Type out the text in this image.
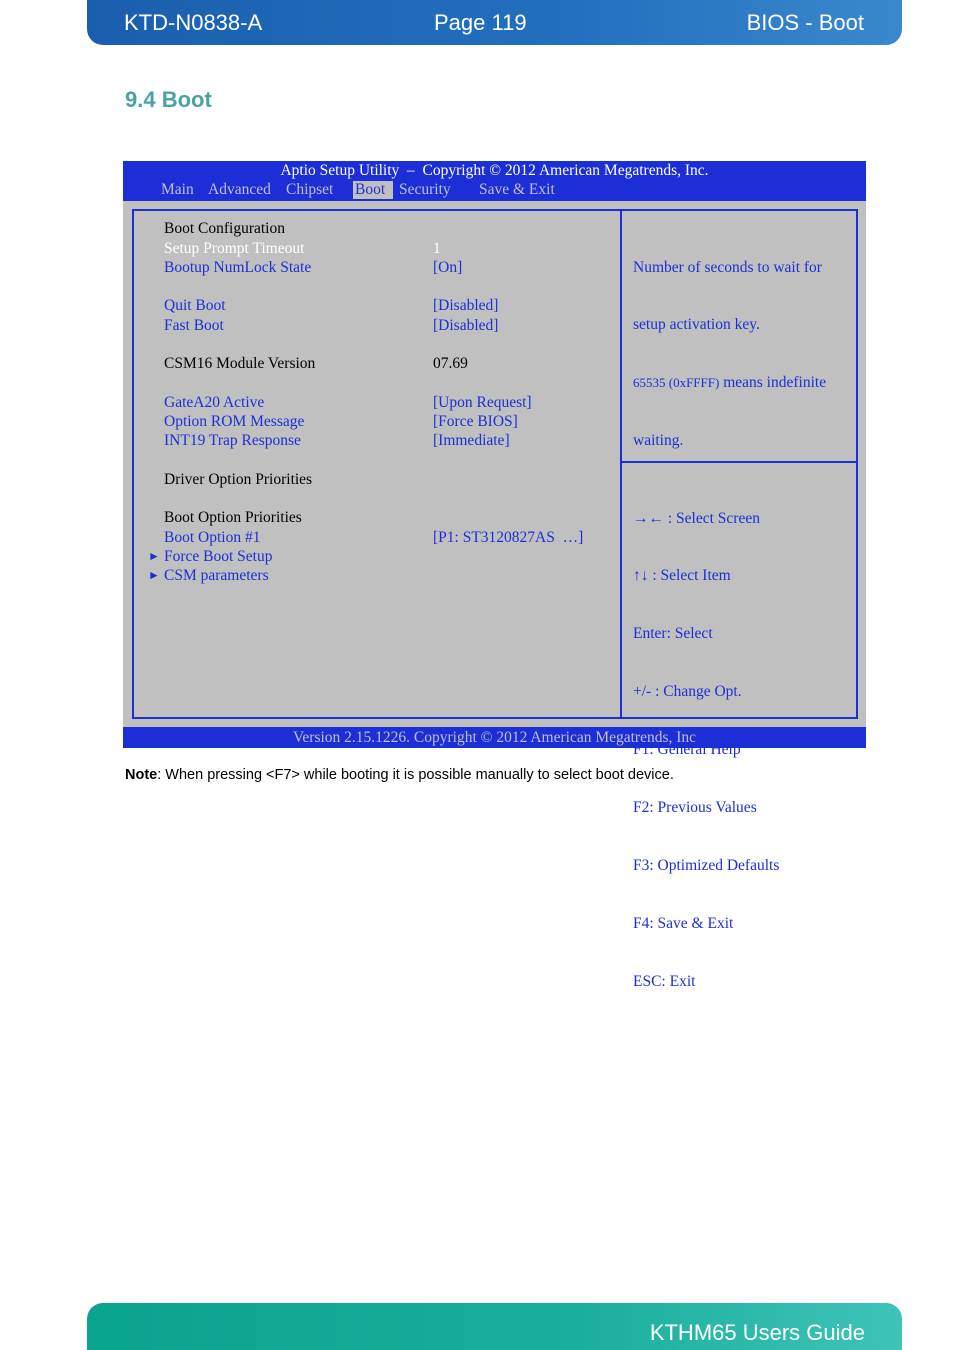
KTD-N0838-A	Page 119	BIOS - Boot
9.4 Boot
Aptio Setup Utility  –  Copyright © 2012 American Megatrends, Inc.
Main Advanced Chipset Boot Security Save & Exit
Boot Configuration
Setup Prompt Timeout	1
Bootup NumLock State	[On]
Quit Boot	[Disabled]
Fast Boot	[Disabled]
CSM16 Module Version	07.69
GateA20 Active	[Upon Request]
Option ROM Message	[Force BIOS]
INT19 Trap Response	[Immediate]
Driver Option Priorities
Boot Option Priorities
Boot Option #1	[P1: ST3120827AS  …]
► Force Boot Setup
► CSM parameters

Number of seconds to wait for

setup activation key.

65535 (0xFFFF) means indefinite

waiting.

→← : Select Screen

↑↓ : Select Item

Enter: Select

+/- : Change Opt.

F1: General Help

F2: Previous Values

F3: Optimized Defaults

F4: Save & Exit

ESC: Exit

Version 2.15.1226. Copyright © 2012 American Megatrends, Inc
Note: When pressing <F7> while booting it is possible manually to select boot device.
KTHM65 Users Guide
